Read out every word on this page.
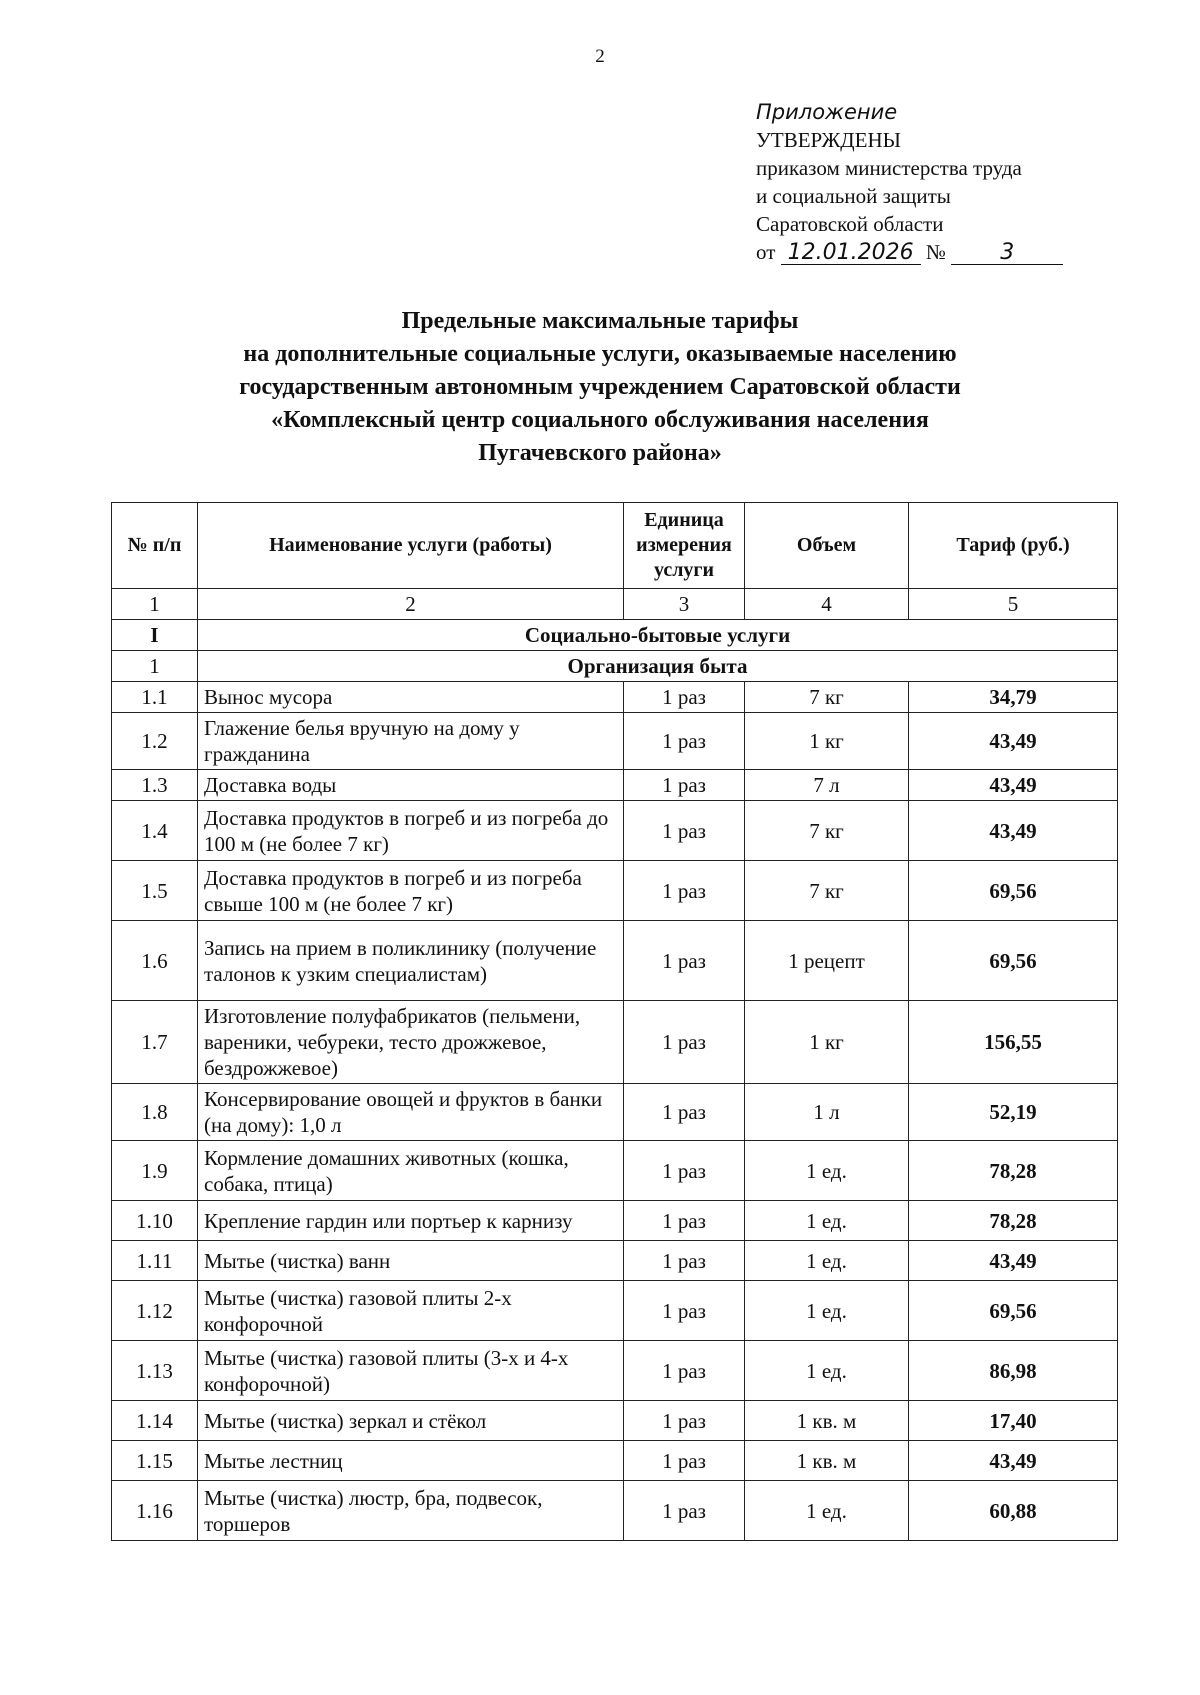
2
Приложение
УТВЕРЖДЕНЫ
приказом министерства труда
и социальной защиты
Саратовской области
от 12.01.2026 № 3
Предельные максимальные тарифы
на дополнительные социальные услуги, оказываемые населению
государственным автономным учреждением Саратовской области
«Комплексный центр социального обслуживания населения
Пугачевского района»
№ п/п	Наименование услуги (работы)	Единица измерения услуги	Объем	Тариф (руб.)
1	2	3	4	5
I	Социально-бытовые услуги			
1	Организация быта			
1.1	Вынос мусора	1 раз	7 кг	34,79
1.2	Глажение белья вручную на дому у гражданина	1 раз	1 кг	43,49
1.3	Доставка воды	1 раз	7 л	43,49
1.4	Доставка продуктов в погреб и из погреба до 100 м (не более 7 кг)	1 раз	7 кг	43,49
1.5	Доставка продуктов в погреб и из погреба свыше 100 м (не более 7 кг)	1 раз	7 кг	69,56
1.6	Запись на прием в поликлинику (получение талонов к узким специалистам)	1 раз	1 рецепт	69,56
1.7	Изготовление полуфабрикатов (пельмени, вареники, чебуреки, тесто дрожжевое, бездрожжевое)	1 раз	1 кг	156,55
1.8	Консервирование овощей и фруктов в банки (на дому): 1,0 л	1 раз	1 л	52,19
1.9	Кормление домашних животных (кошка, собака, птица)	1 раз	1 ед.	78,28
1.10	Крепление гардин или портьер к карнизу	1 раз	1 ед.	78,28
1.11	Мытье (чистка) ванн	1 раз	1 ед.	43,49
1.12	Мытье (чистка) газовой плиты 2-х конфорочной	1 раз	1 ед.	69,56
1.13	Мытье (чистка) газовой плиты (3-х и 4-х конфорочной)	1 раз	1 ед.	86,98
1.14	Мытье (чистка) зеркал и стёкол	1 раз	1 кв. м	17,40
1.15	Мытье лестниц	1 раз	1 кв. м	43,49
1.16	Мытье (чистка) люстр, бра, подвесок, торшеров	1 раз	1 ед.	60,88
